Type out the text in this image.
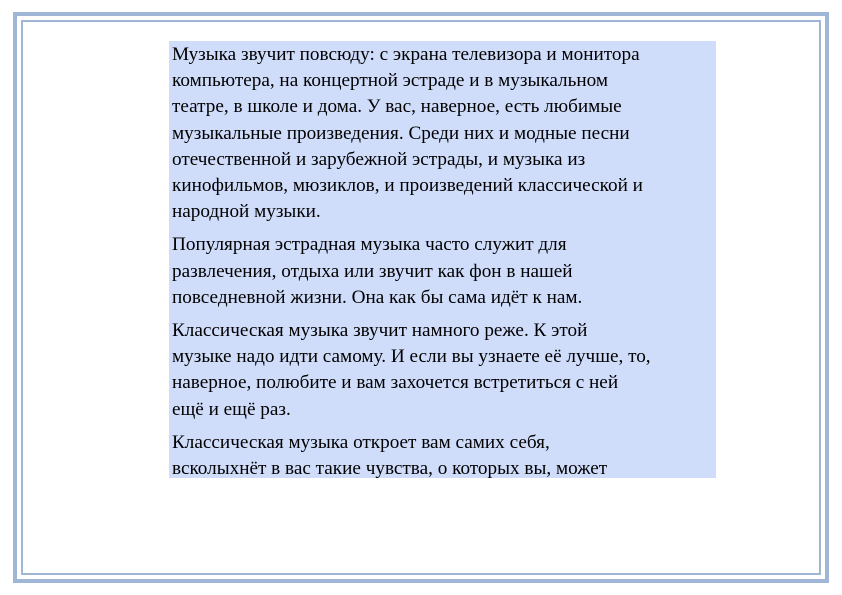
Музыка звучит повсюду: с экрана телевизора и монитора
компьютера, на концертной эстраде и в музыкальном
театре, в школе и дома. У вас, наверное, есть любимые
музыкальные произведения. Среди них и модные песни
отечественной и зарубежной эстрады, и музыка из
кинофильмов, мюзиклов, и произведений классической и
народной музыки.

Популярная эстрадная музыка часто служит для
развлечения, отдыха или звучит как фон в нашей
повседневной жизни. Она как бы сама идёт к нам.

Классическая музыка звучит намного реже. К этой
музыке надо идти самому. И если вы узнаете её лучше, то,
наверное, полюбите и вам захочется встретиться с ней
ещё и ещё раз.

Классическая музыка откроет вам самих себя,
всколыхнёт в вас такие чувства, о которых вы, может
